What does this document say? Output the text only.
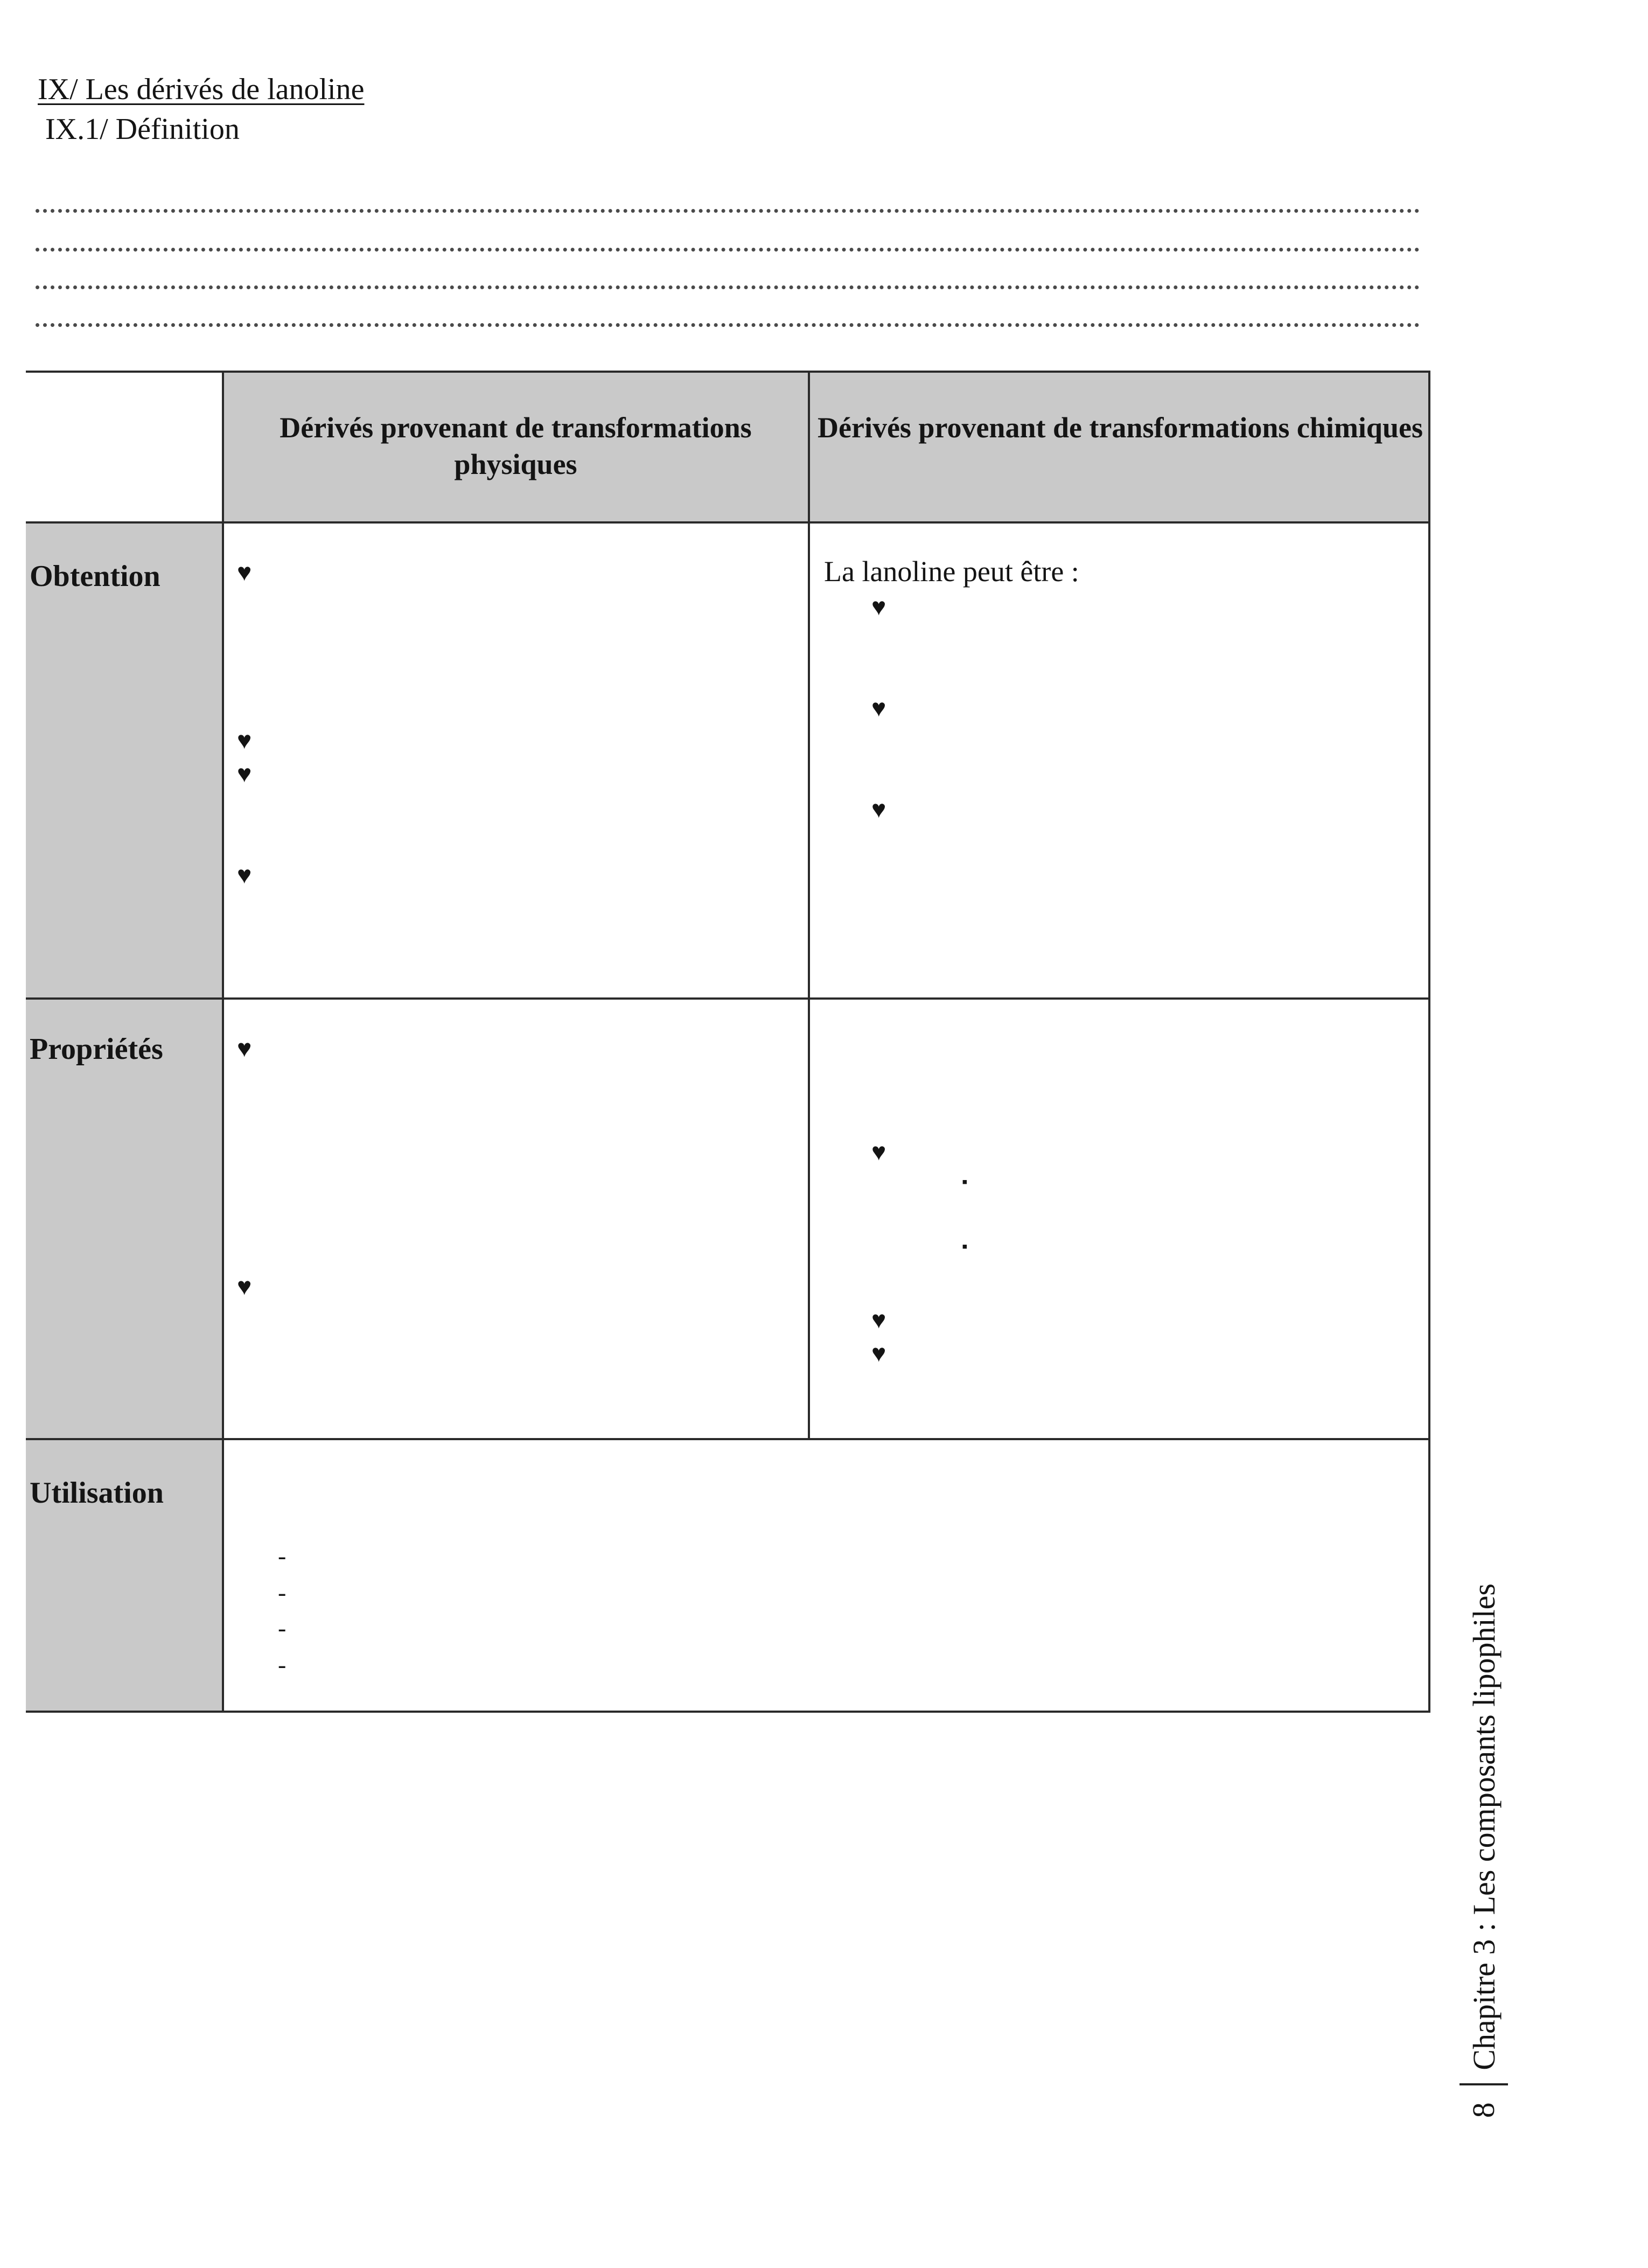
IX/ Les dérivés de lanoline
IX.1/ Définition
Dérivés provenant de transformations physiques
Dérivés provenant de transformations chimiques
Obtention
Propriétés
Utilisation
♥
♥
♥
♥
La lanoline peut être :
♥
♥
♥
♥
♥
♥
▪
▪
♥
♥
-
-
-
-
8
Chapitre 3 : Les composants lipophiles
